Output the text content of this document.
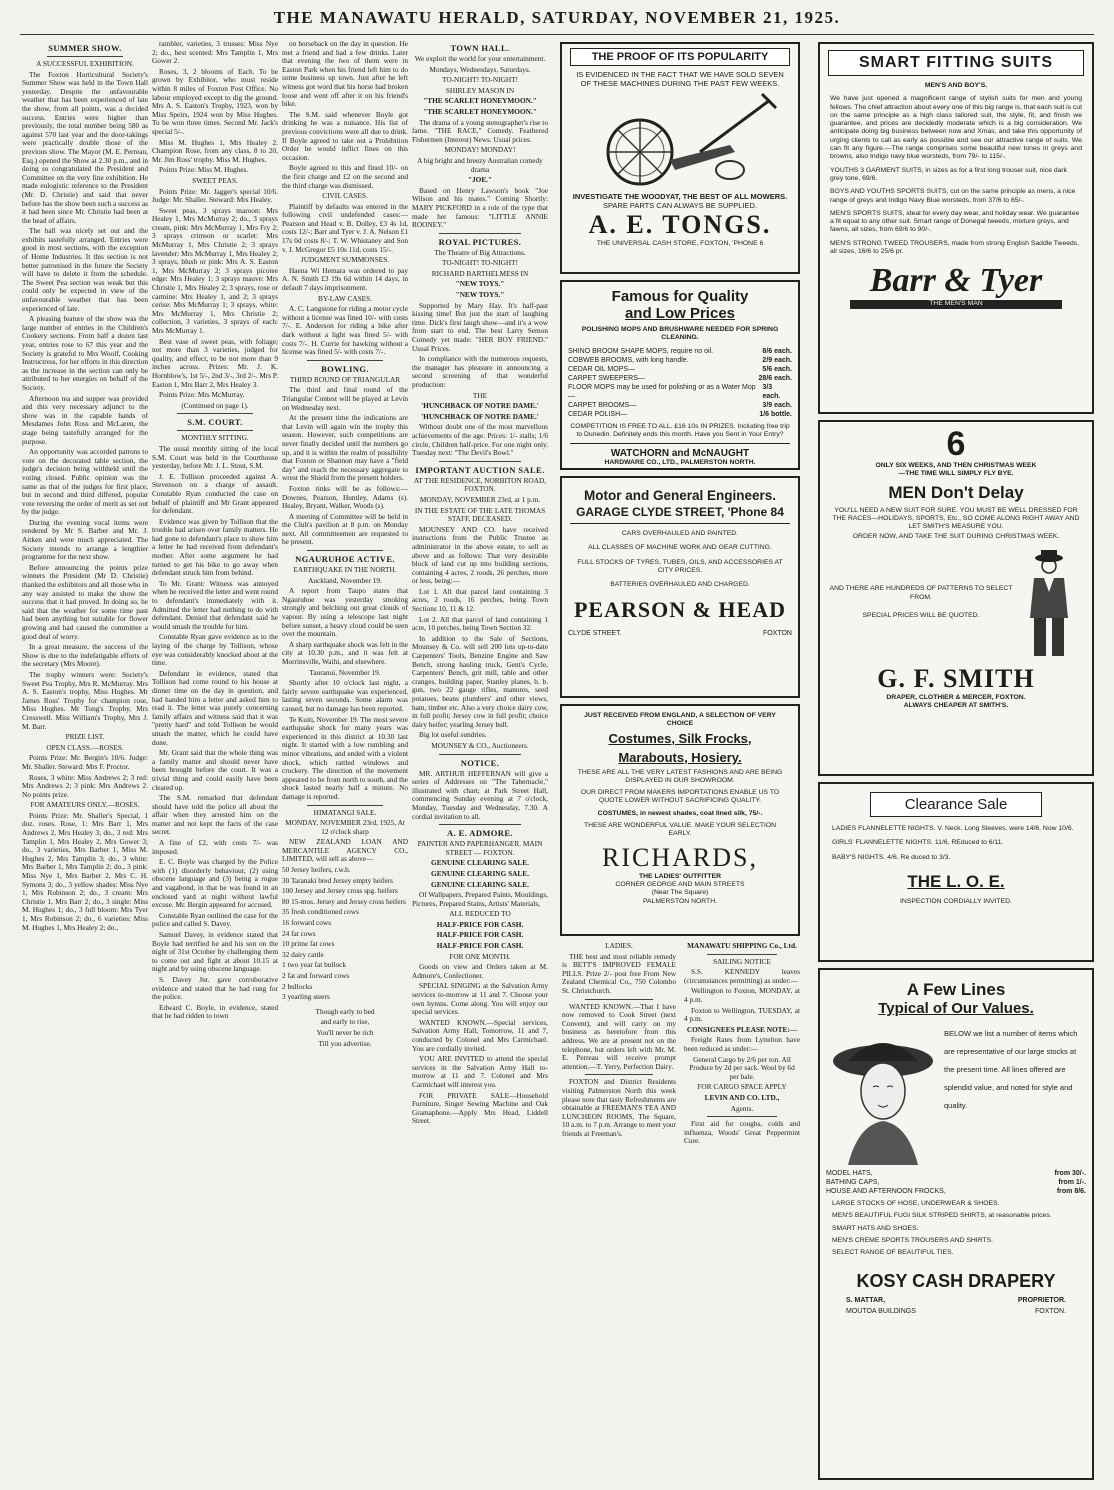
THE MANAWATU HERALD, SATURDAY, NOVEMBER 21, 1925.
SUMMER SHOW.

A SUCCESSFUL EXHIBITION.

The Foxton Horticultural Society's Summer Show was held in the Town Hall yesterday. Despite the unfavourable weather that has been experienced of late the show, from all points, was a decided success. Entries were higher than previously, the total number being 580 as against 570 last year and the door-takings were practically double those of the previous show. The Mayor (M. E. Perreau, Esq.) opened the Show at 2.30 p.m., and in doing so congratulated the President and Committee on the very fine exhibition. He made eulogistic reference to the President (Mr. D. Christie) and said that never before has the show been such a success as it had been since Mr. Christie had been at the head of affairs.

The hall was nicely set out and the exhibits tastefully arranged. Entries were good in most sections, with the exception of Home Industries. It this section is not better patronised in the future the Society will have to delete it from the schedule. The Sweet Pea section was weak but this could only be expected in view of the unfavourable weather that has been experienced of late.

A pleasing feature of the show was the large number of entries in the Children's Cookery sections. From half a dozen last year, entries rose to 67 this year and the Society is grateful to Mrs Woolf, Cooking Instructress, for her efforts in this direction as the increase in the section can only be attributed to her energies on behalf of the Society.

Afternoon tea and supper was provided and this very necessary adjunct to the show was in the capable hands of Mesdames John Ross and McLaren, the stage being tastefully arranged for the purpose.

An opportunity was accorded patrons to vote on the decorated table section, the judge's decision being withheld until the voting closed. Public opinion was the same as that of the judges for first place, but in second and third differed, popular vote reversing the order of merit as set out by the judge.

During the evening vocal items were rendered by Mr S. Barber and Mr. J. Aitken and were much appreciated. The Society intends to arrange a lengthier programme for the next show.

Before announcing the points prize winners the President (Mr D. Christie) thanked the exhibitors and all those who in any way assisted to make the show the success that it had proved. In doing so, he said that the weather for some time past had been anything but suitable for flower growing and had caused the committee a good deal of worry.

In a great measure, the success of the Show is due to the indefatigable efforts of the secretary (Mrs Moore).

The trophy winners were: Society's Sweet Pea Trophy, Mrs R. McMurray. Mrs A. S. Easton's trophy, Miss Hughes. Mr James Ross' Trophy for champion rose, Miss Hughes. Mr Tong's Trophy, Mrs Cresswell. Miss William's Trophy, Mrs J. M. Barr.

PRIZE LIST.

OPEN CLASS.—ROSES.

Points Prize: Mr. Bergin's 10/6. Judge: Mr. Shaller. Steward: Mrs F. Proctor.

Roses, 3 white: Miss Andrews 2; 3 red: Mrs Andrews 2; 3 pink: Mrs Andrews 2. No points prize.

FOR AMATEURS ONLY.—ROSES.

Points Prize: Mr. Shaller's Special, 1 doz. roses. Rose, 1: Mrs Barr 1, Mrs Andrews 2, Mrs Healey 3; do., 3 red: Mrs Tamplin 1, Mrs Healey 2, Mrs Gower 3; do., 3 varieties, Mrs Barber 1, Miss M. Hughes 2, Mrs Tamplin 3; do., 3 white: Mrs Barber 1, Mrs Tamplin 2; do., 3 pink: Miss Nye 1, Mrs Barber 2, Mrs C. H. Symons 3; do., 3 yellow shades: Miss Nye 1, Mrs Robinson 2; do., 3 cream: Mrs Christie 1, Mrs Barr 2; do., 3 single: Miss M. Hughes 1; do., 3 full bloom: Mrs Tyer 1, Mrs Robinson 2; do., 6 varieties: Miss M. Hughes 1, Mrs Healey 2; do.,

rambler, varieties, 3 trusses: Miss Nye 2; do., best scented: Mrs Tamplin 1, Mrs Gower 2.

Roses, 3, 2 blooms of Each. To be grown by Exhibitor, who must reside within 8 miles of Foxton Post Office. No labour employed except to dig the ground. Mrs A. S. Easton's Trophy, 1923, won by Miss Speirs, 1924 won by Miss Hughes. To be won three times. Second Mr. Jack's special 5/-.

Miss M. Hughes 1, Mrs Healey 2. Champion Rose, from any class, 8 to 20, Mr. Jim Ross' trophy. Miss M. Hughes.

Points Prize: Miss M. Hughes.

SWEET PEAS.

Points Prize: Mr. Jagger's special 10/6. Judge: Mr. Shaller. Steward: Mrs Healey.

Sweet peas, 3 sprays maroon: Mrs Healey 1, Mrs McMurray 2; do., 3 sprays cream, pink: Mrs McMurray 1, Mrs Fry 2; 3 sprays crimson or scarlet: Mrs McMurray 1, Mrs Christie 2; 3 sprays lavender: Mrs McMurray 1, Mrs Healey 2; 3 sprays, blush or pink: Mrs A. S. Easton 1, Mrs McMurray 2; 3 sprays picotee edge: Mrs Healey 1; 3 sprays mauve: Mrs Christie 1, Mrs Healey 2; 3 sprays, rose or carmine: Mrs Healey 1, and 2; 3 sprays cerise: Mrs McMurray 1; 3 sprays, white: Mrs McMurray 1, Mrs Christie 2; collection, 3 varieties, 3 sprays of each: Mrs McMurray 1.

Best vase of sweet peas, with foliage; not more than 3 varieties, judged for quality, and effect, to be not more than 9 inches across. Prizes: Mr. J. K. Hornblow's, 1st 5/-, 2nd 3/-, 3rd 2/-. Mrs P. Easton 1, Mrs Barr 2, Mrs Healey 3.

Points Prize: Mrs McMurray.

(Continued on page 1).

S.M. COURT.

MONTHLY SITTING.

The usual monthly sitting of the local S.M. Court was held in the Courthouse yesterday, before Mr. J. L. Stout, S.M.

J. E. Tollison proceeded against A. Stevenson on a charge of assault. Constable Ryan conducted the case on behalf of plaintiff and Mr Grant appeared for defendant.

Evidence was given by Tollison that the trouble had arisen over family matters. He had gone to defendant's place to show him a letter he had received from defendant's mother. After some argument he had turned to get his bike to go away when defendant struck him from behind.

To Mr. Grant: Witness was annoyed when he received the letter and went round to defendant's immediately with it. Admitted the letter had nothing to do with defendant. Denied that defendant said he would smash the trouble for him.

Constable Ryan gave evidence as to the laying of the charge by Tollison, whose eye was considerably knocked about at the time.

Defendant in evidence, stated that Tollison had come round to his house at dinner time on the day in question, and had handed him a letter and asked him to read it. The letter was purely concerning family affairs and witness said that it was "pretty hard" and told Tollison he would smash the matter, which he could have done.

Mr. Grant said that the whole thing was a family matter and should never have been brought before the court. It was a trivial thing and could easily have been cleared up.

The S.M. remarked that defendant should have told the police all about the affair when they arrested him on the matter and not kept the facts of the case secret.

A fine of £2, with costs 7/- was imposed.

E. C. Boyle was charged by the Police with (1) disorderly behaviour, (2) using obscene language and (3) being a rogue and vagabond, in that he was found in an enclosed yard at night without lawful excuse. Mr. Bergin appeared for accused.

Constable Ryan outlined the case for the police and called S. Davey.

Samuel Davey, in evidence stated that Boyle had terrified he and his son on the night of 31st October by challenging them to come out and fight at about 10.15 at night and by using obscene language.

S. Davey Jnr. gave corroborative evidence and stated that he had rung for the police.

Edward C. Boyle, in evidence, stated that he had ridden to town

on horseback on the day in question. He met a friend and had a few drinks. Later that evening the two of them were in Easton Park when his friend left him to do some business up town. Just after he left witness got word that his horse had broken loose and went off after it on his friend's bike.

The S.M. said whenever Boyle got drinking he was a nuisance. His list of previous convictions were all due to drink. If Boyle agreed to take out a Prohibition Order he would inflict fines on this occasion.

Boyle agreed to this and fined 10/- on the first charge and £2 on the second and the third charge was dismissed.

CIVIL CASES.

Plaintiff by defaults was entered in the following civil undefended cases:—Pearson and Head v. B. Dolley, £3 4s 1d, costs 12/-; Barr and Tyer v. J. A. Nelson £1 17s 0d costs 8/-; T. W. Whistaney and Son v. J. McGregor £5 10s 11d, costs 15/-.

JUDGMENT SUMMONSES.

Haena Wi Hemara was ordered to pay A. N. Smith £3 19s 6d within 14 days, in default 7 days imprisonment.

BY-LAW CASES.

A. C. Langstone for riding a motor cycle without a license was fined 10/- with costs 7/-. E. Anderson for riding a bike after dark without a light was fined 5/- with costs 7/-. H. Currie for hawking without a license was fined 5/- with costs 7/-.

BOWLING.

THIRD ROUND OF TRIANGULAR

The third and final round of the Triangular Contest will be played at Levin on Wednesday next.

At the present time the indications are that Levin will again win the trophy this season. However, such competitions are never finally decided until the numbers go up, and it is within the realm of possibility that Foxton or Shannon may have a "field day" and reach the necessary aggregate to wrest the Shield from the present holders.

Foxton rinks will be as follows:— Downes, Pearson, Huntley, Adams (s). Healey, Bryant, Walker, Woods (s).

A meeting of Committee will be held in the Club's pavilion at 8 p.m. on Monday next. All committeemen are requested to be present.

NGAURUHOE ACTIVE.

EARTHQUAKE IN THE NORTH.

Auckland, November 19.

A report from Taupo states that Ngauruhoe was yesterday smoking strongly and belching out great clouds of vapour. By using a telescope last night before sunset, a heavy cloud could be seen over the mountain.

A sharp earthquake shock was felt in the city at 10.30 p.m., and it was felt at Morrinsville, Waihi, and elsewhere.

Tauranui, November 19.

Shortly after 10 o'clock last night, a fairly severe earthquake was experienced, lasting seven seconds. Some alarm was caused, but no damage has been reported.

Te Kuiti, November 19. The most severe earthquake shock for many years was experienced in this district at 10.30 last night. It started with a low rumbling and minor vibrations, and ended with a violent shock, which rattled windows and crockery. The direction of the movement appeared to be from north to south, and the shock lasted nearly half a minute. No damage is reported.

HIMATANGI SALE.

MONDAY, NOVEMBER 23rd, 1925, At 12 o'clock sharp

NEW ZEALAND LOAN AND MERCANTILE AGENCY CO., LIMITED, will sell as above—

50 Jersey heifers, r.w.b.

30 Taranaki bred Jersey empty heifers

100 Jersey and Jersey cross spg. heifers

80 15-mos. Jersey and Jersey cross heifers

35 fresh conditioned cows

16 forward cows

24 fat cows

10 prime fat cows

32 dairy cattle

1 two year fat bullock

2 fat and forward cows

2 bullocks

3 yearling steers

Though early to bed

and early to rise,

You'll never be rich

Till you advertise.

TOWN HALL.

We exploit the world for your entertainment.

Mondays, Wednesdays, Saturdays.

TO-NIGHT! TO-NIGHT!

SHIRLEY MASON IN

"THE SCARLET HONEYMOON."

"THE SCARLET HONEYMOON."

The drama of a young stenographer's rise to fame. "THE RACE," Comedy. Feathered Fishermen (Interest) News. Usual prices.

MONDAY! MONDAY!

A big bright and breezy Australian comedy drama

"JOE."

Based on Henry Lawson's book "Joe Wilson and his mates." Coming Shortly: MARY PICKFORD in a role of the type that made her famous: "LITTLE ANNIE ROONEY."

ROYAL PICTURES.

The Theatre of Big Attractions.

TO-NIGHT! TO-NIGHT!

RICHARD BARTHELMESS IN

"NEW TOYS."

"NEW TOYS."

Supported by Mary Hay. It's half-past kissing time! But just the start of laughing time. Dick's first laugh show—and it's a wow from start to end. The best Larry Semon Comedy yet made: "HER BOY FRIEND." Usual Prices.

In compliance with the numerous requests, the manager has pleasure in announcing a second screening of that wonderful production:

THE

'HUNCHBACK OF NOTRE DAME.'

'HUNCHBACK OF NOTRE DAME.'

Without doubt one of the most marvellous achievements of the age. Prices: 1/- stalls; 1/6 circle, Children half-price. For one night only. Tuesday next: "The Devil's Bowl."

IMPORTANT AUCTION SALE.

AT THE RESIDENCE, NORBITON ROAD, FOXTON.

MONDAY, NOVEMBER 23rd, at 1 p.m.

IN THE ESTATE OF THE LATE THOMAS STAFF, DECEASED.

MOUNSEY AND CO. have received instructions from the Public Trustee as administrator in the above estate, to sell as above and as follows: That very desirable block of land cut up into building sections, containing 4 acres, 2 roods, 26 perches, more or less, being:—

Lot 1. All that parcel land containing 3 acres, 2 roods, 16 perches, being Town Sections 10, 11 & 12.

Lot 2. All that parcel of land containing 1 acre, 10 perches, being Town Section 32.

In addition to the Sale of Sections, Mounsey & Co. will sell 200 lots up-to-date Carpenters' Tools, Benzine Engine and Saw Bench, strong hauling truck, Gent's Cycle, Carpenters' Bench, grit mill, table and other cranges, building paper, Stanley planes, b. b. gun, two 22 gauge rifles, manures, seed potatoes, beans plumbers' and other views, ham, timber etc. Also a very choice dairy cow, in full profit; Jersey cow in full profit; choice dairy heifer; yearling Jersey bull.

Big lot useful sundries.

MOUNSEY & CO., Auctioneers.

NOTICE.

MR. ARTHUR HEFFERNAN will give a series of Addresses on "The Tabernacle," illustrated with chart; at Park Street Hall, commencing Sunday evening at 7 o'clock, Monday, Tuesday and Wednesday, 7.30. A cordial invitation to all.

A. E. ADMORE.

PAINTER AND PAPERHANGER. MAIN STREET — FOXTON.

GENUINE CLEARING SALE.

GENUINE CLEARING SALE.

GENUINE CLEARING SALE.

Of Wallpapers, Prepared Paints, Mouldings, Pictures, Prepared Stains, Artists' Materials,

ALL REDUCED TO

HALF-PRICE FOR CASH.

HALF-PRICE FOR CASH.

HALF-PRICE FOR CASH.

FOR ONE MONTH.

Goods on view and Orders taken at M. Admore's, Confectioner.

SPECIAL SINGING at the Salvation Army services to-morrow at 11 and 7. Choose your own hymns. Come along. You will enjoy our special services.

WANTED KNOWN.—Special services, Salvation Army Hall, Tomorrow, 11 and 7, conducted by Colonel and Mrs Carmichael. You are cordially invited.

YOU ARE INVITED to attend the special services in the Salvation Army Hall to-morrow at 11 and 7. Colonel and Mrs Carmichael will interest you.

FOR PRIVATE SALE—Household Furniture, Singer Sewing Machine and Oak Gramaphone.—Apply Mrs Head, Liddell Street.

THE PROOF OF ITS POPULARITY
IS EVIDENCED IN THE FACT THAT WE HAVE SOLD SEVEN OF THESE MACHINES DURING THE PAST FEW WEEKS.
INVESTIGATE THE WOODYAT, THE BEST OF ALL MOWERS.
SPARE PARTS CAN ALWAYS BE SUPPLIED.
A. E. TONGS.
THE UNIVERSAL CASH STORE, FOXTON, 'PHONE 6
Famous for Quality
and Low Prices
POLISHING MOPS AND BRUSHWARE NEEDED FOR SPRING CLEANING.
SHINO BROOM SHAPE MOPS, require no oil.	8/6 each.
COBWEB BROOMS, with long handle.	2/9 each.
CEDAR OIL MOPS—	5/6 each.
CARPET SWEEPERS—	28/6 each.
FLOOR MOPS may be used for polishing or as a Water Mop—
3/3 each.
CARPET BROOMS—	3/9 each.
CEDAR POLISH—	1/6 bottle.
COMPETITION IS FREE TO ALL. £16 10s IN PRIZES. Including free trip to Dunedin. Definitely ends this month. Have you Sent in Your Entry?
WATCHORN and McNAUGHT
HARDWARE CO., LTD., PALMERSTON NORTH.
Motor and General Engineers.
GARAGE CLYDE STREET, 'Phone 84
CARS OVERHAULED AND PAINTED.
ALL CLASSES OF MACHINE WORK AND GEAR CUTTING.
FULL STOCKS OF TYRES, TUBES, OILS, AND ACCESSORIES AT CITY PRICES.
BATTERIES OVERHAULED AND CHARGED.
PEARSON & HEAD
CLYDE STREET.	FOXTON
JUST RECEIVED FROM ENGLAND, A SELECTION OF VERY CHOICE
Costumes, Silk Frocks,
Marabouts, Hosiery.
THESE ARE ALL THE VERY LATEST FASHIONS AND ARE BEING DISPLAYED IN OUR SHOWROOM.
OUR DIRECT FROM MAKERS IMPORTATIONS ENABLE US TO QUOTE LOWER WITHOUT SACRIFICING QUALITY.
COSTUMES, in newest shades, coat lined silk, 75/-.
THESE ARE WONDERFUL VALUE. MAKE YOUR SELECTION EARLY.
RICHARDS,
THE LADIES' OUTFITTER
CORNER GEORGE AND MAIN STREETS
(Near The Square)
PALMERSTON NORTH.

LADIES.

THE best and most reliable remedy is BETT'S IMPROVED FEMALE PILLS. Prize 2/- post free From New Zealand Chemical Co., 750 Colombo St. Christchurch.

WANTED KNOWN.—That I have now removed to Cook Street (next Convent), and will carry on my business as heretofore from this address. We are at present not on the telephone, but orders left with Mr. M. E. Perreau will receive prompt attention.—T. Yerry, Perfection Dairy.

FOXTON and District Residents visiting Palmerston North this week please note that tasty Refreshments are obtainable at FREEMAN'S TEA AND LUNCHEON ROOMS, The Square, 10 a.m. to 7 p.m. Arrange to meet your friends at Freeman's.

MANAWATU SHIPPING Co., Ltd.

SAILING NOTICE

S.S. KENNEDY leaves (circumstances permitting) as under:—

Wellington to Foxton, MONDAY, at 4 p.m.

Foxton to Wellington, TUESDAY, at 4 p.m.

CONSIGNEES PLEASE NOTE:—

Freight Rates from Lyttelton have been reduced as under:—

General Cargo by 2/6 per ton. All Produce by 2d per sack. Wool by 6d per bale.

FOR CARGO SPACE APPLY

LEVIN AND CO. LTD.,

Agents.

First aid for coughs, colds and influenza, Woods' Great Peppermint Cure.

SMART FITTING SUITS
MEN'S AND BOY'S.
We have just opened a magnificent range of stylish suits for men and young fellows. The chief attraction about every one of this big range is, that each suit is cut on the same principle as a high class tailored suit, the style, fit, and finish we guarantee, and prices are decidedly moderate which is a big consideration. We anticipate doing big business between now and Xmas, and take this opportunity of urging clients to call as early as possible and see our attractive range of suits. We can fit any figure.—The range comprises some beautiful new tones in greys and browns, also Indigo navy blue worsteds, from 79/- to 115/-.
YOUTHS 3 GARMENT SUITS, in sizes as for a first long trouser suit, nice dark grey tone, 69/6.
BOYS AND YOUTHS SPORTS SUITS, cut on the same principle as mens, a nice range of greys and Indigo Navy Blue worsteds, from 37/6 to 65/-.
MEN'S SPORTS SUITS, ideal for every day wear, and holiday wear. We guarantee a fit equal to any other suit. Smart range of Donegal tweeds, mixture greys, and fawns, all sizes, from 69/6 to 90/-.
MEN'S STRONG TWEED TROUSERS, made from strong English Saddle Tweeds, all sizes, 16/6 to 25/6 pr.
Barr & Tyer
THE MEN'S MAN
6
ONLY SIX WEEKS, AND THEN CHRISTMAS WEEK
—THE TIME WILL SIMPLY FLY BYE.
MEN Don't Delay
YOU'LL NEED A NEW SUIT FOR SURE. YOU MUST BE WELL DRESSED FOR THE RACES—HOLIDAYS, SPORTS, Etc., SO COME ALONG RIGHT AWAY AND LET SMITH'S MEASURE YOU.
ORDER NOW, AND TAKE THE SUIT DURING CHRISTMAS WEEK.
AND THERE ARE HUNDREDS OF PATTERNS TO SELECT FROM.
SPECIAL PRICES WILL BE QUOTED.
G. F. SMITH
DRAPER, CLOTHIER & MERCER, FOXTON.
ALWAYS CHEAPER AT SMITH'S.
Clearance Sale
LADIES FLANNELETTE NIGHTS. V. Neck. Long Sleeves, were 14/6. Now 10/6.
GIRLS' FLANNELETTE NIGHTS. 11/6, REduced to 6/11.
BABY'S NIGHTS. 4/6. Re duced to 3/3.
THE L. O. E.
INSPECTION CORDIALLY INVITED.
A Few Lines
Typical of Our Values.
BELOW we list a number of items which are representative of our large stocks at the present time. All lines offered are splendid value, and noted for style and quality.
MODEL HATS,	from 30/-.
BATHING CAPS,	from 1/-.
HOUSE AND AFTERNOON FROCKS,	from 8/6.
LARGE STOCKS OF HOSE, UNDERWEAR & SHOES.
MEN'S BEAUTIFUL FUGI SILK STRIPED SHIRTS, at reasonable prices.
SMART HATS AND SHOES.
MEN'S CREME SPORTS TROUSERS AND SHIRTS.
SELECT RANGE OF BEAUTIFUL TIES.
KOSY CASH DRAPERY
S. MATTAR,	PROPRIETOR.
MOUTOA BUILDINGS	FOXTON.
